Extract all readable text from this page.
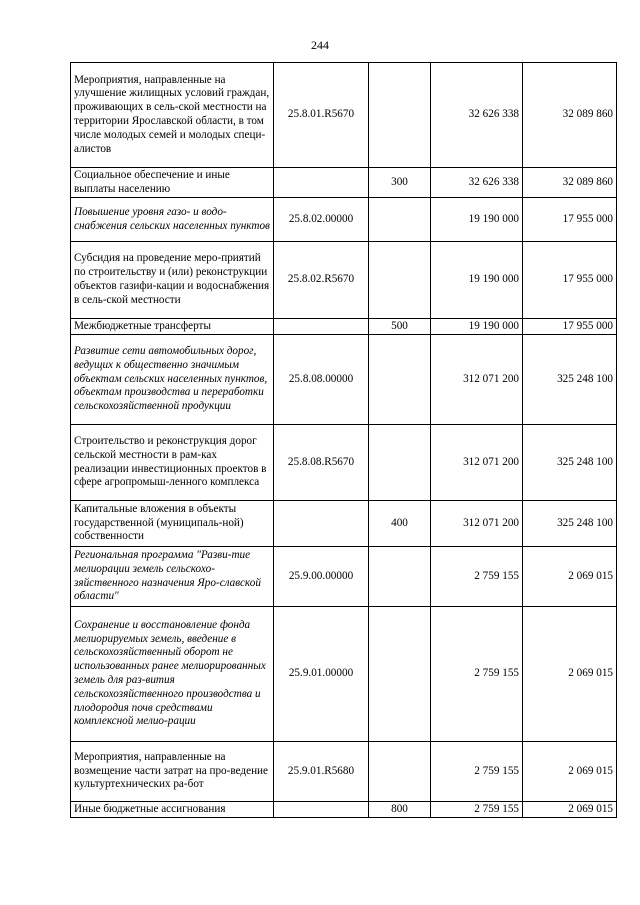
244
Мероприятия, направленные на улучшение жилищных условий граждан, проживающих в сель-ской местности на территории Ярославской области, в том числе молодых семей и молодых специ-алистов	25.8.01.R5670		32 626 338	32 089 860
Социальное обеспечение и иные выплаты населению		300	32 626 338	32 089 860
Повышение уровня газо- и водо-снабжения сельских населенных пунктов	25.8.02.00000		19 190 000	17 955 000
Субсидия на проведение меро-приятий по строительству и (или) реконструкции объектов газифи-кации и водоснабжения в сель-ской местности	25.8.02.R5670		19 190 000	17 955 000
Межбюджетные трансферты		500	19 190 000	17 955 000
Развитие сети автомобильных дорог, ведущих к общественно значимым объектам сельских населенных пунктов, объектам производства и переработки сельскохозяйственной продукции	25.8.08.00000		312 071 200	325 248 100
Строительство и реконструкция дорог сельской местности в рам-ках реализации инвестиционных проектов в сфере агропромыш-ленного комплекса	25.8.08.R5670		312 071 200	325 248 100
Капитальные вложения в объекты государственной (муниципаль-ной) собственности		400	312 071 200	325 248 100
Региональная программа "Разви-тие мелиорации земель сельскохо-зяйственного назначения Яро-славской области"	25.9.00.00000		2 759 155	2 069 015
Сохранение и восстановление фонда мелиорируемых земель, введение в сельскохозяйственный оборот не использованных ранее мелиорированных земель для раз-вития сельскохозяйственного производства и плодородия почв средствами комплексной мелио-рации	25.9.01.00000		2 759 155	2 069 015
Мероприятия, направленные на возмещение части затрат на про-ведение культуртехнических ра-бот	25.9.01.R5680		2 759 155	2 069 015
Иные бюджетные ассигнования		800	2 759 155	2 069 015
